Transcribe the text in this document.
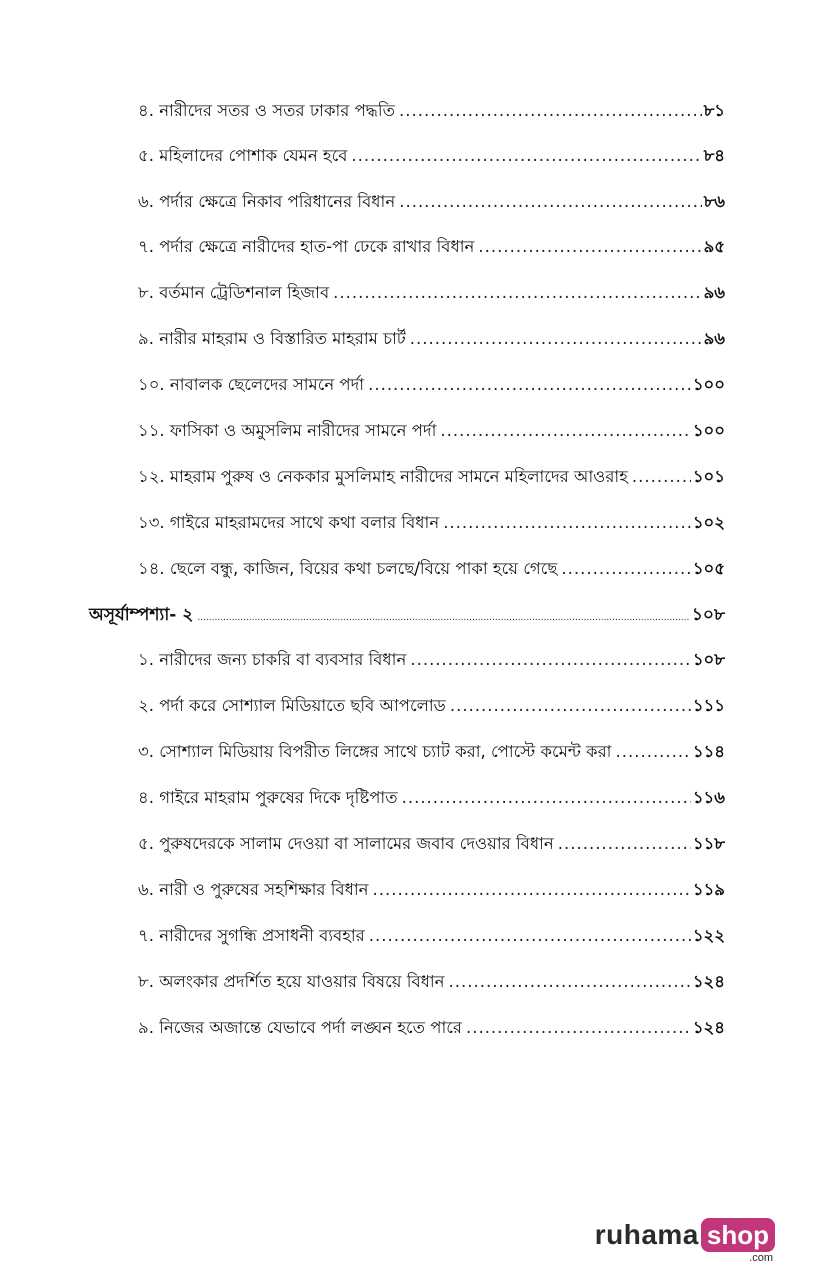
৪. নারীদের সতর ও সতর ঢাকার পদ্ধতি .....	৮১
৫. মহিলাদের পোশাক যেমন হবে .....	৮৪
৬. পর্দার ক্ষেত্রে নিকাব পরিধানের বিধান .....	৮৬
৭. পর্দার ক্ষেত্রে নারীদের হাত-পা ঢেকে রাখার বিধান .....	৯৫
৮. বর্তমান ট্রেডিশনাল হিজাব .....	৯৬
৯. নারীর মাহরাম ও বিস্তারিত মাহরাম চার্ট .....	৯৬
১০. নাবালক ছেলেদের সামনে পর্দা .....	১০০
১১. ফাসিকা ও অমুসলিম নারীদের সামনে পর্দা .....	১০০
১২. মাহরাম পুরুষ ও নেককার মুসলিমাহ নারীদের সামনে মহিলাদের আওরাহ .....	১০১
১৩. গাইরে মাহরামদের সাথে কথা বলার বিধান .....	১০২
১৪. ছেলে বন্ধু, কাজিন, বিয়ের কথা চলছে/বিয়ে পাকা হয়ে গেছে .....	১০৫
অসূর্যাম্পশ্যা- ২ .....	১০৮
১. নারীদের জন্য চাকরি বা ব্যবসার বিধান .....	১০৮
২. পর্দা করে সোশ্যাল মিডিয়াতে ছবি আপলোড .....	১১১
৩. সোশ্যাল মিডিয়ায় বিপরীত লিঙ্গের সাথে চ্যাট করা, পোস্টে কমেন্ট করা .....	১১৪
৪. গাইরে মাহরাম পুরুষের দিকে দৃষ্টিপাত .....	১১৬
৫. পুরুষদেরকে সালাম দেওয়া বা সালামের জবাব দেওয়ার বিধান .....	১১৮
৬. নারী ও পুরুষের সহশিক্ষার বিধান .....	১১৯
৭. নারীদের সুগন্ধি প্রসাধনী ব্যবহার .....	১২২
৮. অলংকার প্রদর্শিত হয়ে যাওয়ার বিষয়ে বিধান .....	১২৪
৯. নিজের অজান্তে যেভাবে পর্দা লঙ্ঘন হতে পারে .....	১২৪
ruhama shop
.com
